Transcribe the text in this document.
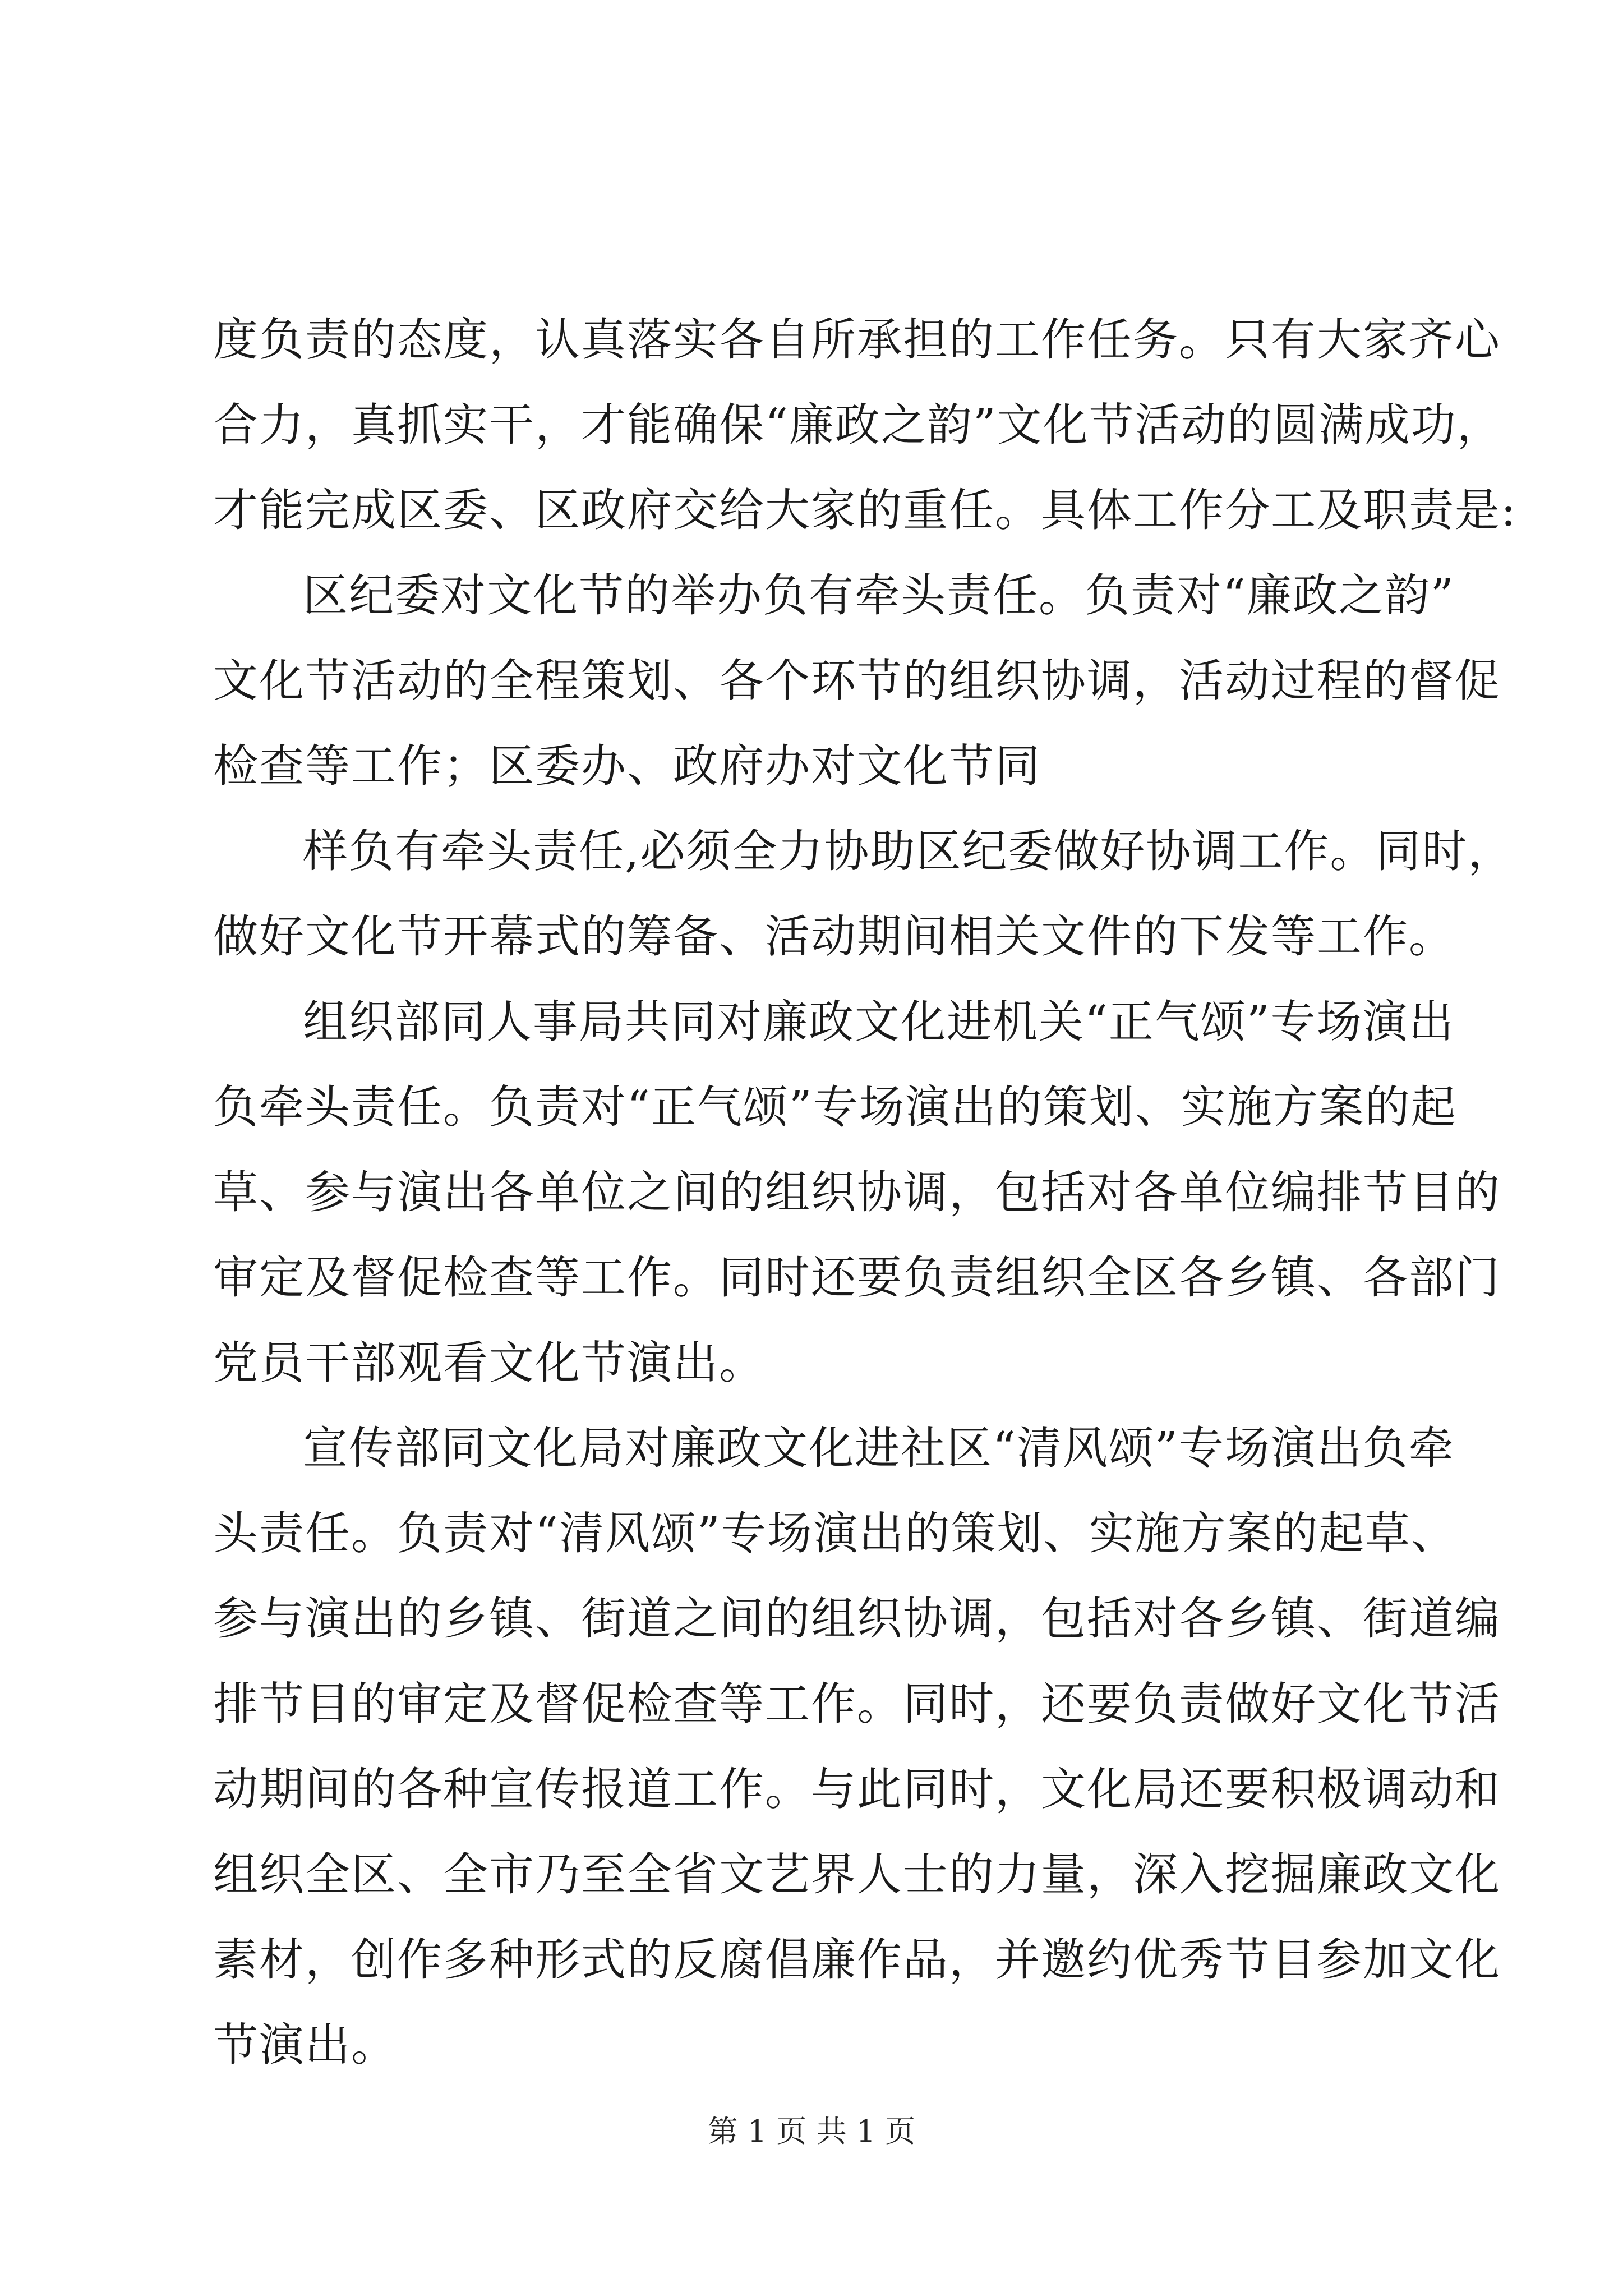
度负责的态度，认真落实各自所承担的工作任务。只有大家齐心
合力，真抓实干，才能确保“廉政之韵”文化节活动的圆满成功，
才能完成区委、区政府交给大家的重任。具体工作分工及职责是:
区纪委对文化节的举办负有牵头责任。负责对“廉政之韵”
文化节活动的全程策划、各个环节的组织协调，活动过程的督促
检查等工作；区委办、政府办对文化节同
样负有牵头责任,必须全力协助区纪委做好协调工作。同时，
做好文化节开幕式的筹备、活动期间相关文件的下发等工作。
组织部同人事局共同对廉政文化进机关“正气颂”专场演出
负牵头责任。负责对“正气颂”专场演出的策划、实施方案的起
草、参与演出各单位之间的组织协调，包括对各单位编排节目的
审定及督促检查等工作。同时还要负责组织全区各乡镇、各部门
党员干部观看文化节演出。
宣传部同文化局对廉政文化进社区“清风颂”专场演出负牵
头责任。负责对“清风颂”专场演出的策划、实施方案的起草、
参与演出的乡镇、街道之间的组织协调，包括对各乡镇、街道编
排节目的审定及督促检查等工作。同时，还要负责做好文化节活
动期间的各种宣传报道工作。与此同时，文化局还要积极调动和
组织全区、全市乃至全省文艺界人士的力量，深入挖掘廉政文化
素材，创作多种形式的反腐倡廉作品，并邀约优秀节目参加文化
节演出。
第 1 页 共 1 页
